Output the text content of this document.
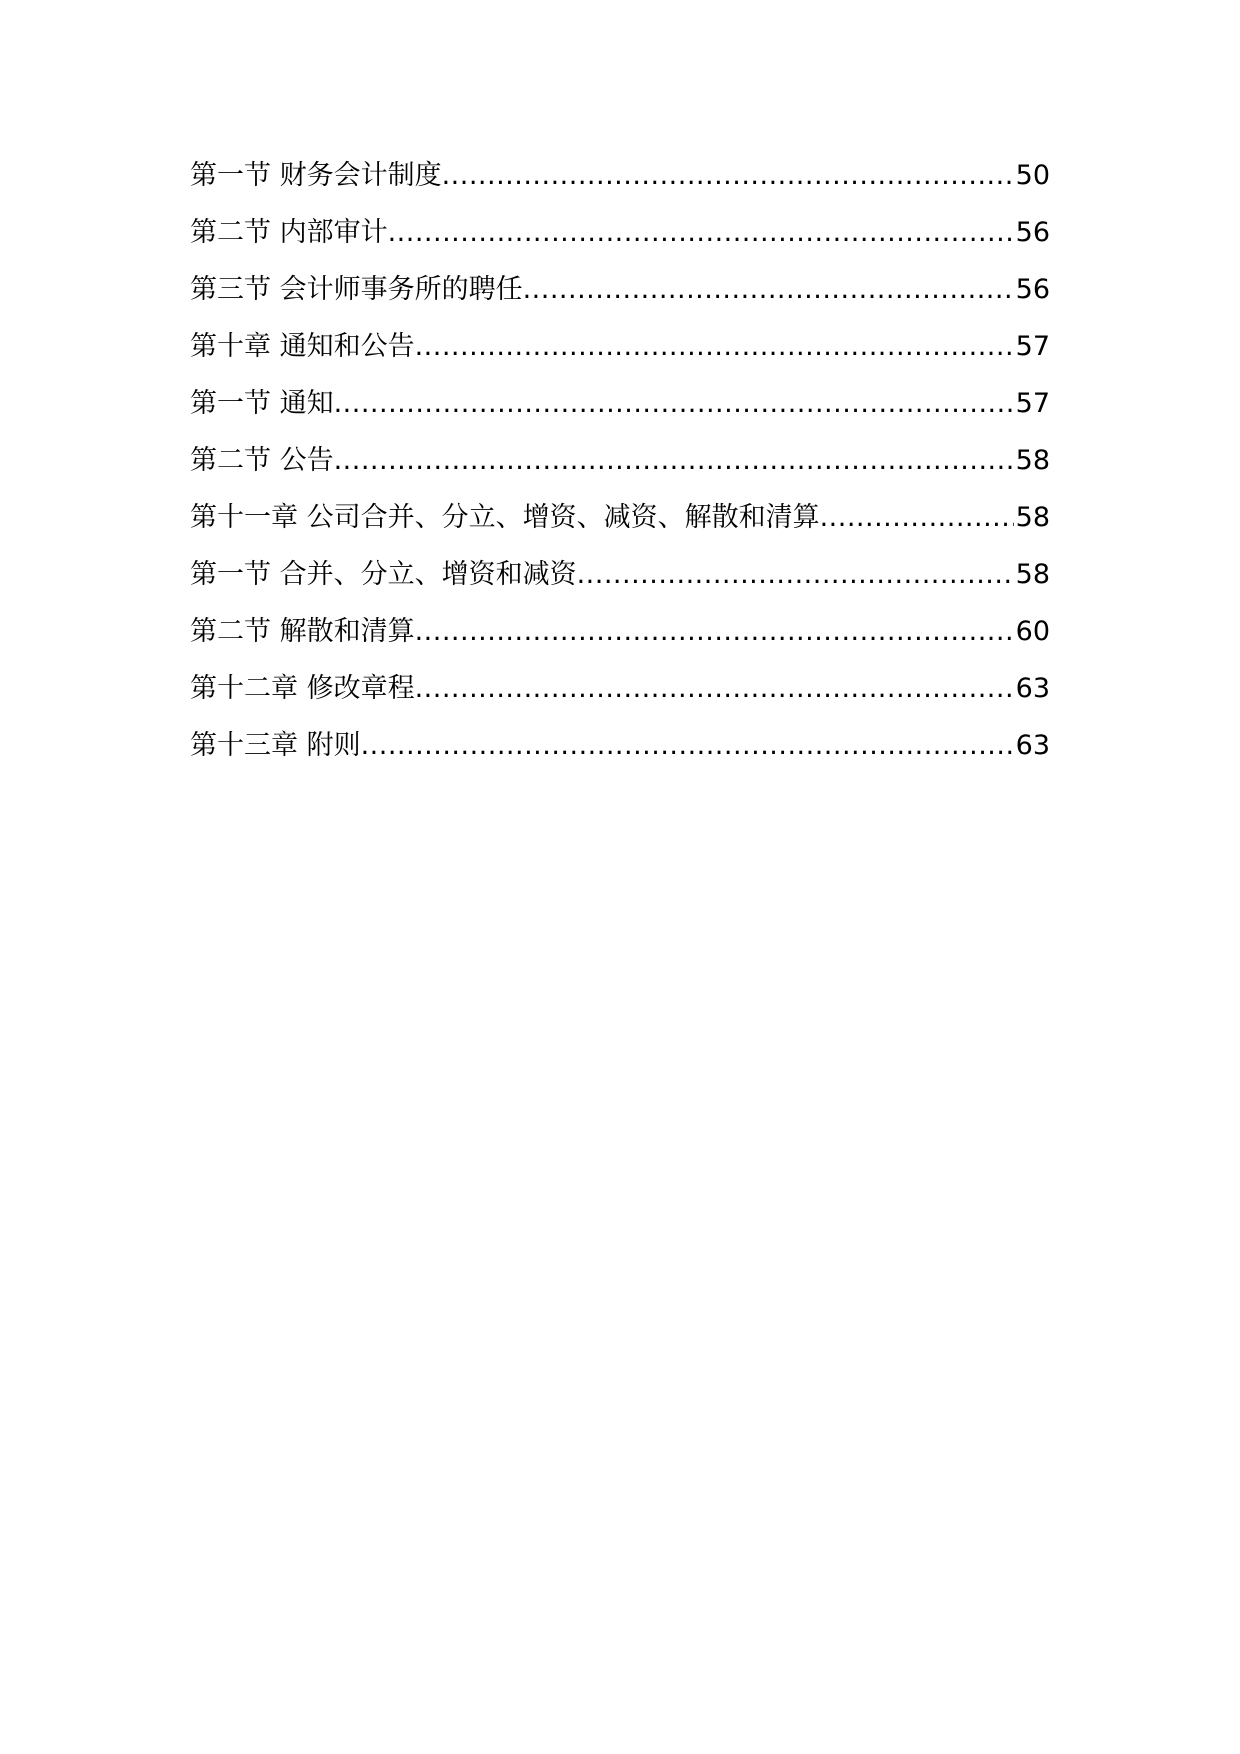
第一节 财务会计制度 .....	50
第二节 内部审计 .....	56
第三节 会计师事务所的聘任 .....	56
第十章 通知和公告 .....	57
第一节 通知 .....	57
第二节 公告 .....	58
第十一章 公司合并、分立、增资、减资、解散和清算 .....	58
第一节 合并、分立、增资和减资 .....	58
第二节 解散和清算 .....	60
第十二章 修改章程 .....	63
第十三章 附则 .....	63
